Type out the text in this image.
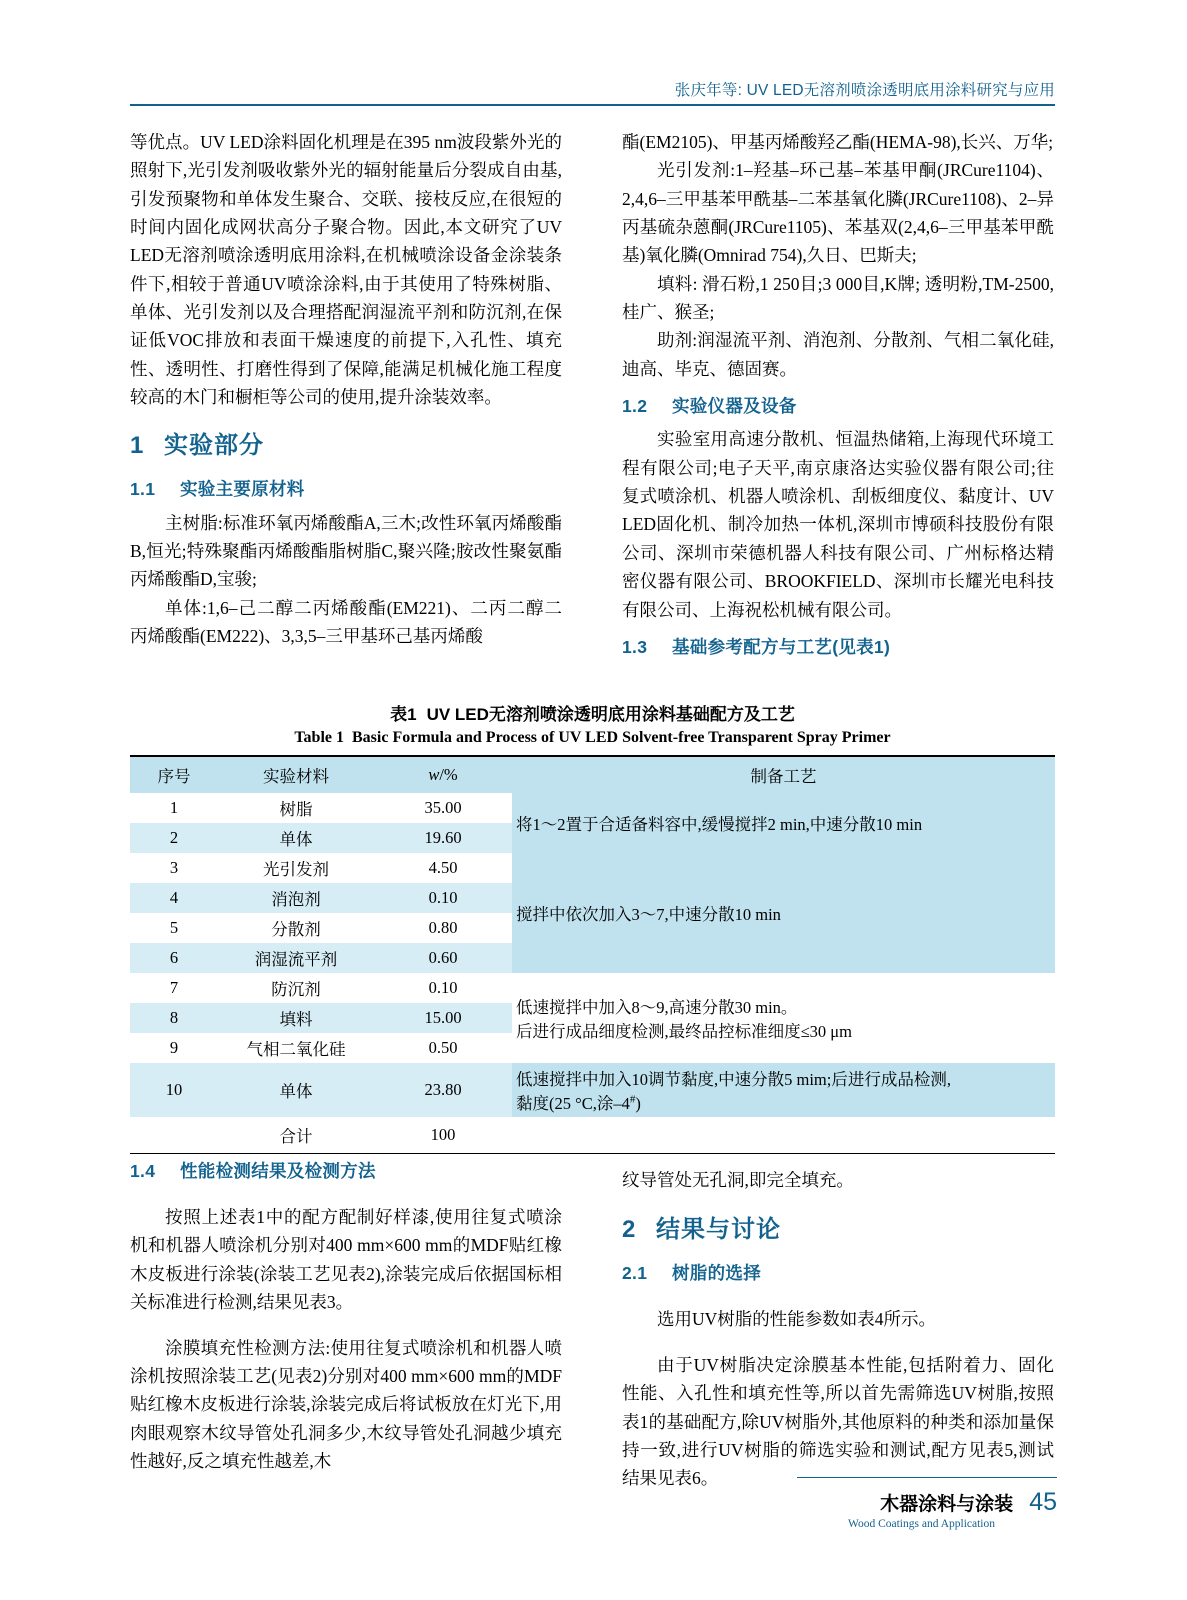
张庆年等: UV LED无溶剂喷涂透明底用涂料研究与应用

等优点。UV LED涂料固化机理是在395 nm波段紫外光的照射下,光引发剂吸收紫外光的辐射能量后分裂成自由基,引发预聚物和单体发生聚合、交联、接枝反应,在很短的时间内固化成网状高分子聚合物。因此,本文研究了UV LED无溶剂喷涂透明底用涂料,在机械喷涂设备金涂装条件下,相较于普通UV喷涂涂料,由于其使用了特殊树脂、单体、光引发剂以及合理搭配润湿流平剂和防沉剂,在保证低VOC排放和表面干燥速度的前提下,入孔性、填充性、透明性、打磨性得到了保障,能满足机械化施工程度较高的木门和橱柜等公司的使用,提升涂装效率。

1 实验部分
1.1 实验主要原材料

主树脂:标准环氧丙烯酸酯A,三木;改性环氧丙烯酸酯B,恒光;特殊聚酯丙烯酸酯脂树脂C,聚兴隆;胺改性聚氨酯丙烯酸酯D,宝骏;

单体:1,6–己二醇二丙烯酸酯(EM221)、二丙二醇二丙烯酸酯(EM222)、3,3,5–三甲基环己基丙烯酸

酯(EM2105)、甲基丙烯酸羟乙酯(HEMA-98),长兴、万华;

光引发剂:1–羟基–环己基–苯基甲酮(JRCure1104)、2,4,6–三甲基苯甲酰基–二苯基氧化膦(JRCure1108)、2–异丙基硫杂蒽酮(JRCure1105)、苯基双(2,4,6–三甲基苯甲酰基)氧化膦(Omnirad 754),久日、巴斯夫;

填料: 滑石粉,1 250目;3 000目,K牌; 透明粉,TM-2500,桂广、猴圣;

助剂:润湿流平剂、消泡剂、分散剂、气相二氧化硅,迪高、毕克、德固赛。

1.2 实验仪器及设备

实验室用高速分散机、恒温热储箱,上海现代环境工程有限公司;电子天平,南京康洛达实验仪器有限公司;往复式喷涂机、机器人喷涂机、刮板细度仪、黏度计、UV LED固化机、制冷加热一体机,深圳市博硕科技股份有限公司、深圳市荣德机器人科技有限公司、广州标格达精密仪器有限公司、BROOKFIELD、深圳市长耀光电科技有限公司、上海祝松机械有限公司。

1.3 基础参考配方与工艺(见表1)
表1 UV LED无溶剂喷涂透明底用涂料基础配方及工艺
Table 1 Basic Formula and Process of UV LED Solvent-free Transparent Spray Primer
序号	实验材料	w/%	制备工艺
1	树脂	35.00	将1～2置于合适备料容中,缓慢搅拌2 min,中速分散10 min
2	单体	19.60	
3	光引发剂	4.50	搅拌中依次加入3～7,中速分散10 min
4	消泡剂	0.10	
5	分散剂	0.80	
6	润湿流平剂	0.60	
7	防沉剂	0.10	低速搅拌中加入8～9,高速分散30 min。
后进行成品细度检测,最终品控标准细度≤30 μm

8	填料	15.00	
9	气相二氧化硅	0.50	
10	单体	23.80	低速搅拌中加入10调节黏度,中速分散5 mim;后进行成品检测,
黏度(25 °C,涂–4#)

	合计	100	
1.4 性能检测结果及检测方法

按照上述表1中的配方配制好样漆,使用往复式喷涂机和机器人喷涂机分别对400 mm×600 mm的MDF贴红橡木皮板进行涂装(涂装工艺见表2),涂装完成后依据国标相关标准进行检测,结果见表3。

涂膜填充性检测方法:使用往复式喷涂机和机器人喷涂机按照涂装工艺(见表2)分别对400 mm×600 mm的MDF贴红橡木皮板进行涂装,涂装完成后将试板放在灯光下,用肉眼观察木纹导管处孔洞多少,木纹导管处孔洞越少填充性越好,反之填充性越差,木

纹导管处无孔洞,即完全填充。

2 结果与讨论
2.1 树脂的选择

选用UV树脂的性能参数如表4所示。

由于UV树脂决定涂膜基本性能,包括附着力、固化性能、入孔性和填充性等,所以首先需筛选UV树脂,按照表1的基础配方,除UV树脂外,其他原料的种类和添加量保持一致,进行UV树脂的筛选实验和测试,配方见表5,测试结果见表6。

木器涂料与涂装 45
Wood Coatings and Application
